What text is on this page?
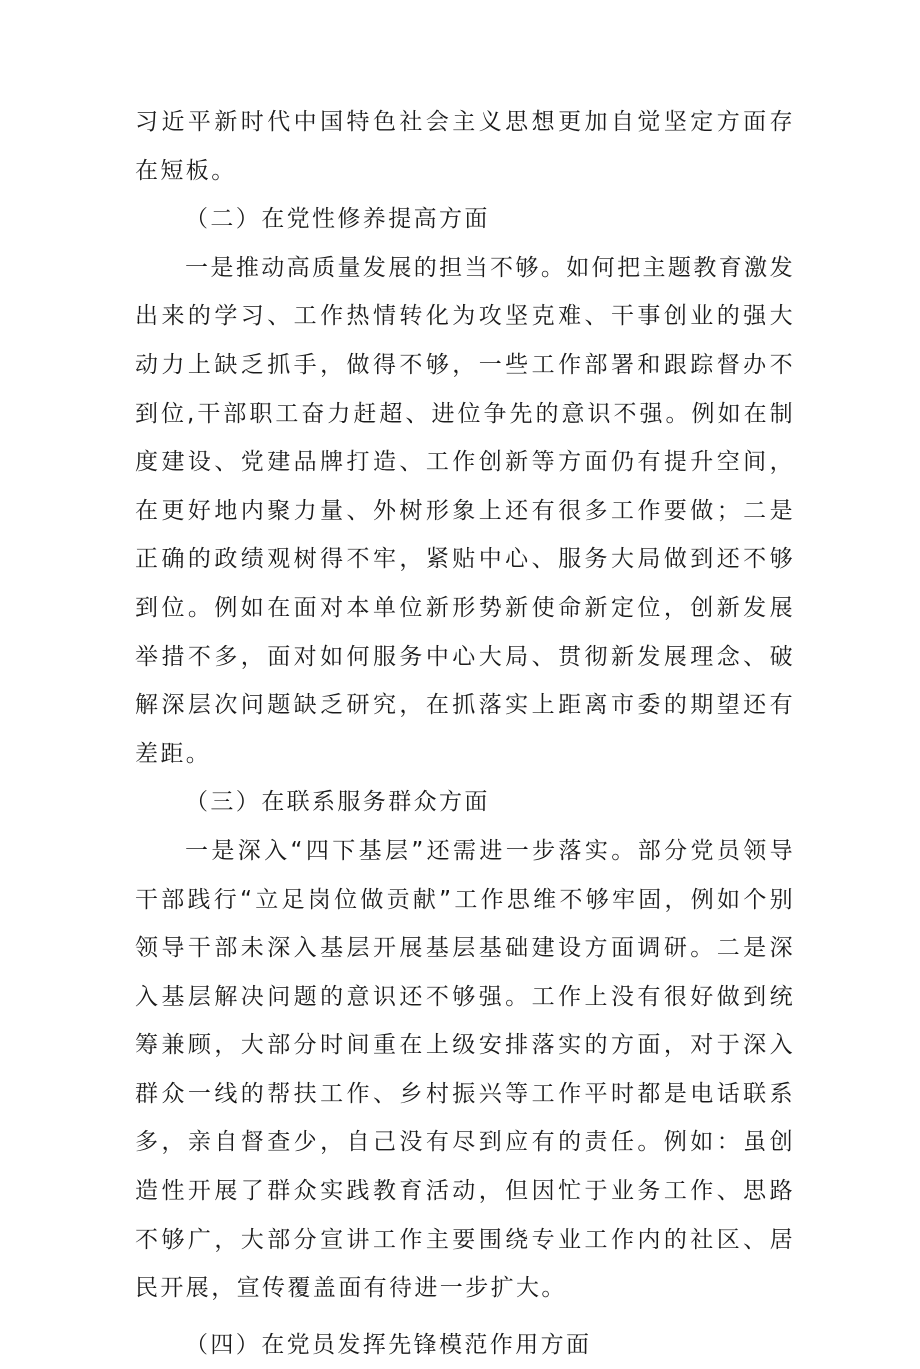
习近平新时代中国特色社会主义思想更加自觉坚定方面存在短板。

（二）在党性修养提高方面

一是推动高质量发展的担当不够。如何把主题教育激发出来的学习、工作热情转化为攻坚克难、干事创业的强大动力上缺乏抓手，做得不够，一些工作部署和跟踪督办不到位,干部职工奋力赶超、进位争先的意识不强。例如在制度建设、党建品牌打造、工作创新等方面仍有提升空间，在更好地内聚力量、外树形象上还有很多工作要做；二是正确的政绩观树得不牢，紧贴中心、服务大局做到还不够到位。例如在面对本单位新形势新使命新定位，创新发展举措不多，面对如何服务中心大局、贯彻新发展理念、破解深层次问题缺乏研究，在抓落实上距离市委的期望还有差距。

（三）在联系服务群众方面

一是深入“四下基层”还需进一步落实。部分党员领导干部践行“立足岗位做贡献”工作思维不够牢固，例如个别领导干部未深入基层开展基层基础建设方面调研。二是深入基层解决问题的意识还不够强。工作上没有很好做到统筹兼顾，大部分时间重在上级安排落实的方面，对于深入群众一线的帮扶工作、乡村振兴等工作平时都是电话联系多，亲自督查少，自己没有尽到应有的责任。例如：虽创造性开展了群众实践教育活动，但因忙于业务工作、思路不够广，大部分宣讲工作主要围绕专业工作内的社区、居民开展，宣传覆盖面有待进一步扩大。

（四）在党员发挥先锋模范作用方面
